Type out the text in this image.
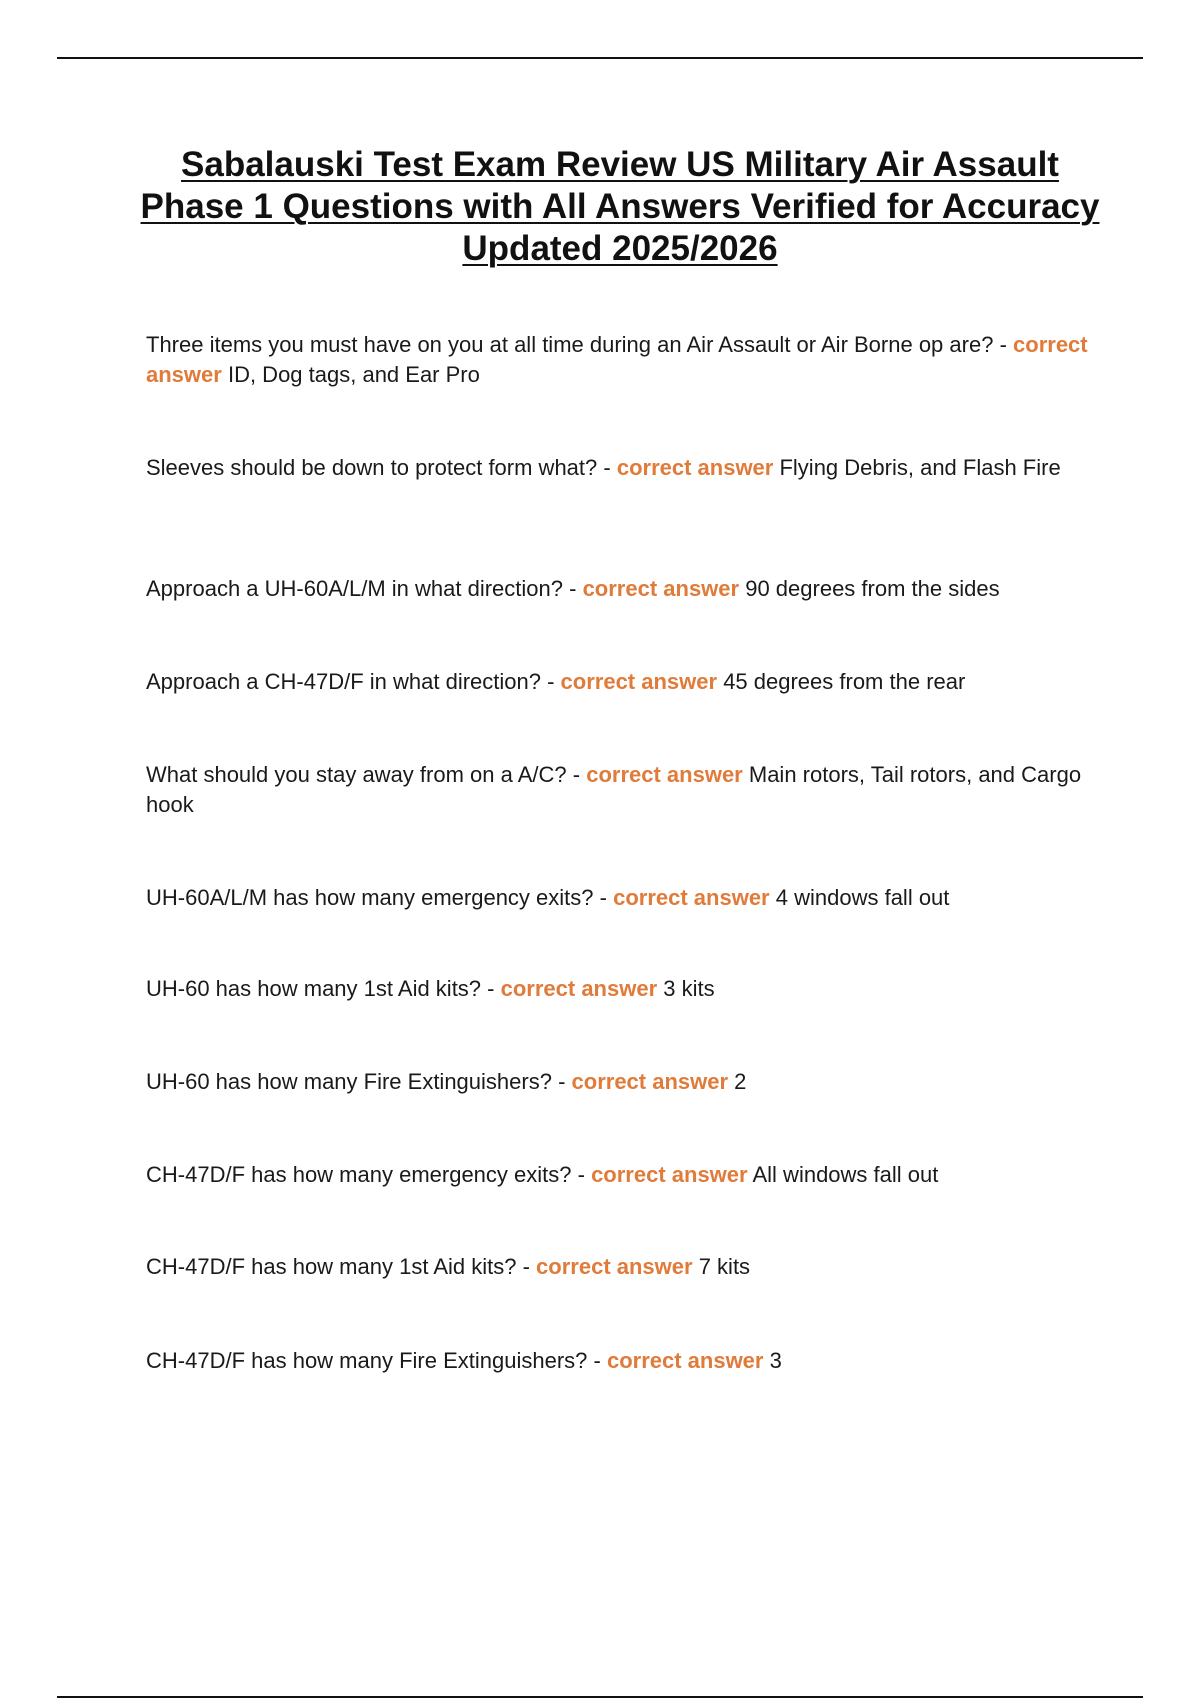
Sabalauski Test Exam Review US Military Air Assault Phase 1 Questions with All Answers Verified for Accuracy Updated 2025/2026
Three items you must have on you at all time during an Air Assault or Air Borne op are? - correct answer ID, Dog tags, and Ear Pro
Sleeves should be down to protect form what? - correct answer Flying Debris, and Flash Fire
Approach a UH-60A/L/M in what direction? - correct answer 90 degrees from the sides
Approach a CH-47D/F in what direction? - correct answer 45 degrees from the rear
What should you stay away from on a A/C? - correct answer Main rotors, Tail rotors, and Cargo hook
UH-60A/L/M has how many emergency exits? - correct answer 4 windows fall out
UH-60 has how many 1st Aid kits? - correct answer 3 kits
UH-60 has how many Fire Extinguishers? - correct answer 2
CH-47D/F has how many emergency exits? - correct answer All windows fall out
CH-47D/F has how many 1st Aid kits? - correct answer 7 kits
CH-47D/F has how many Fire Extinguishers? - correct answer 3
